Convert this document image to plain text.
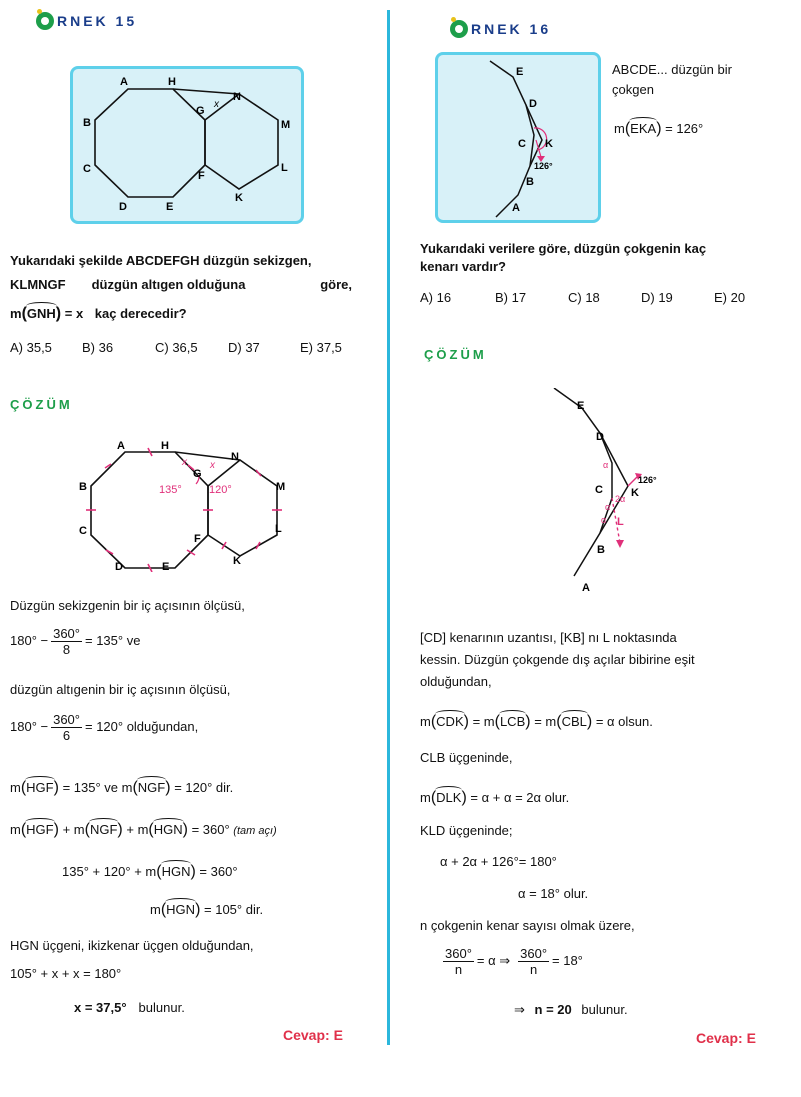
RNEK 15
A	H
B
C
D	E
F
G
N
M
L
K
x
Yukarıdaki şekilde ABCDEFGH düzgün sekizgen,
KLMNGF düzgün altıgen olduğuna	göre,
m(GNH) = x kaç derecedir?
A) 35,5 B) 36	C) 36,5 D) 37	E) 37,5
ÇÖZÜM
A	H
B
C
D	E
F
G
N
M
L
K
x x
135° 120°
Düzgün sekizgenin bir iç açısının ölçüsü,
$180^\circ - \frac{360^\circ}{8} = 135^\circ$ ve
düzgün altıgenin bir iç açısının ölçüsü,
$180^\circ - \frac{360^\circ}{6} = 120^\circ$ olduğundan,
m(HGF) = 135° ve m(NGF) = 120° dir.
m(HGF) + m(NGF) + m(HGN) = 360° (tam açı)
135° + 120° + m(HGN) = 360°
m(HGN) = 105° dir.
HGN üçgeni, ikizkenar üçgen olduğundan,
105° + x + x = 180°
x = 37,5° bulunur.
Cevap: E
RNEK 16
E
D
C K
126°
B
A
ABCDE... düzgün bir
çokgen
m(EKA) = 126°
Yukarıdaki verilere göre, düzgün çokgenin kaç
kenarı vardır?
A) 16	B) 17	C) 18	D) 19	E) 20
ÇÖZÜM
E
D
C	K
126°
L
B
A
α
2α
α
α
[CD] kenarının uzantısı, [KB] nı L noktasında
kessin. Düzgün çokgende dış açılar bibirine eşit
olduğundan,
m(CDK) = m(LCB) = m(CBL) = α olsun.
CLB üçgeninde,
m(DLK) = α + α = 2α olur.
KLD üçgeninde;
α + 2α + 126°= 180°
α = 18° olur.
n çokgenin kenar sayısı olmak üzere,
$\frac{360^\circ}{n} = \alpha$ ⇒ $\frac{360^\circ}{n} = 18^\circ$
⇒ n = 20 bulunur.
Cevap: E
